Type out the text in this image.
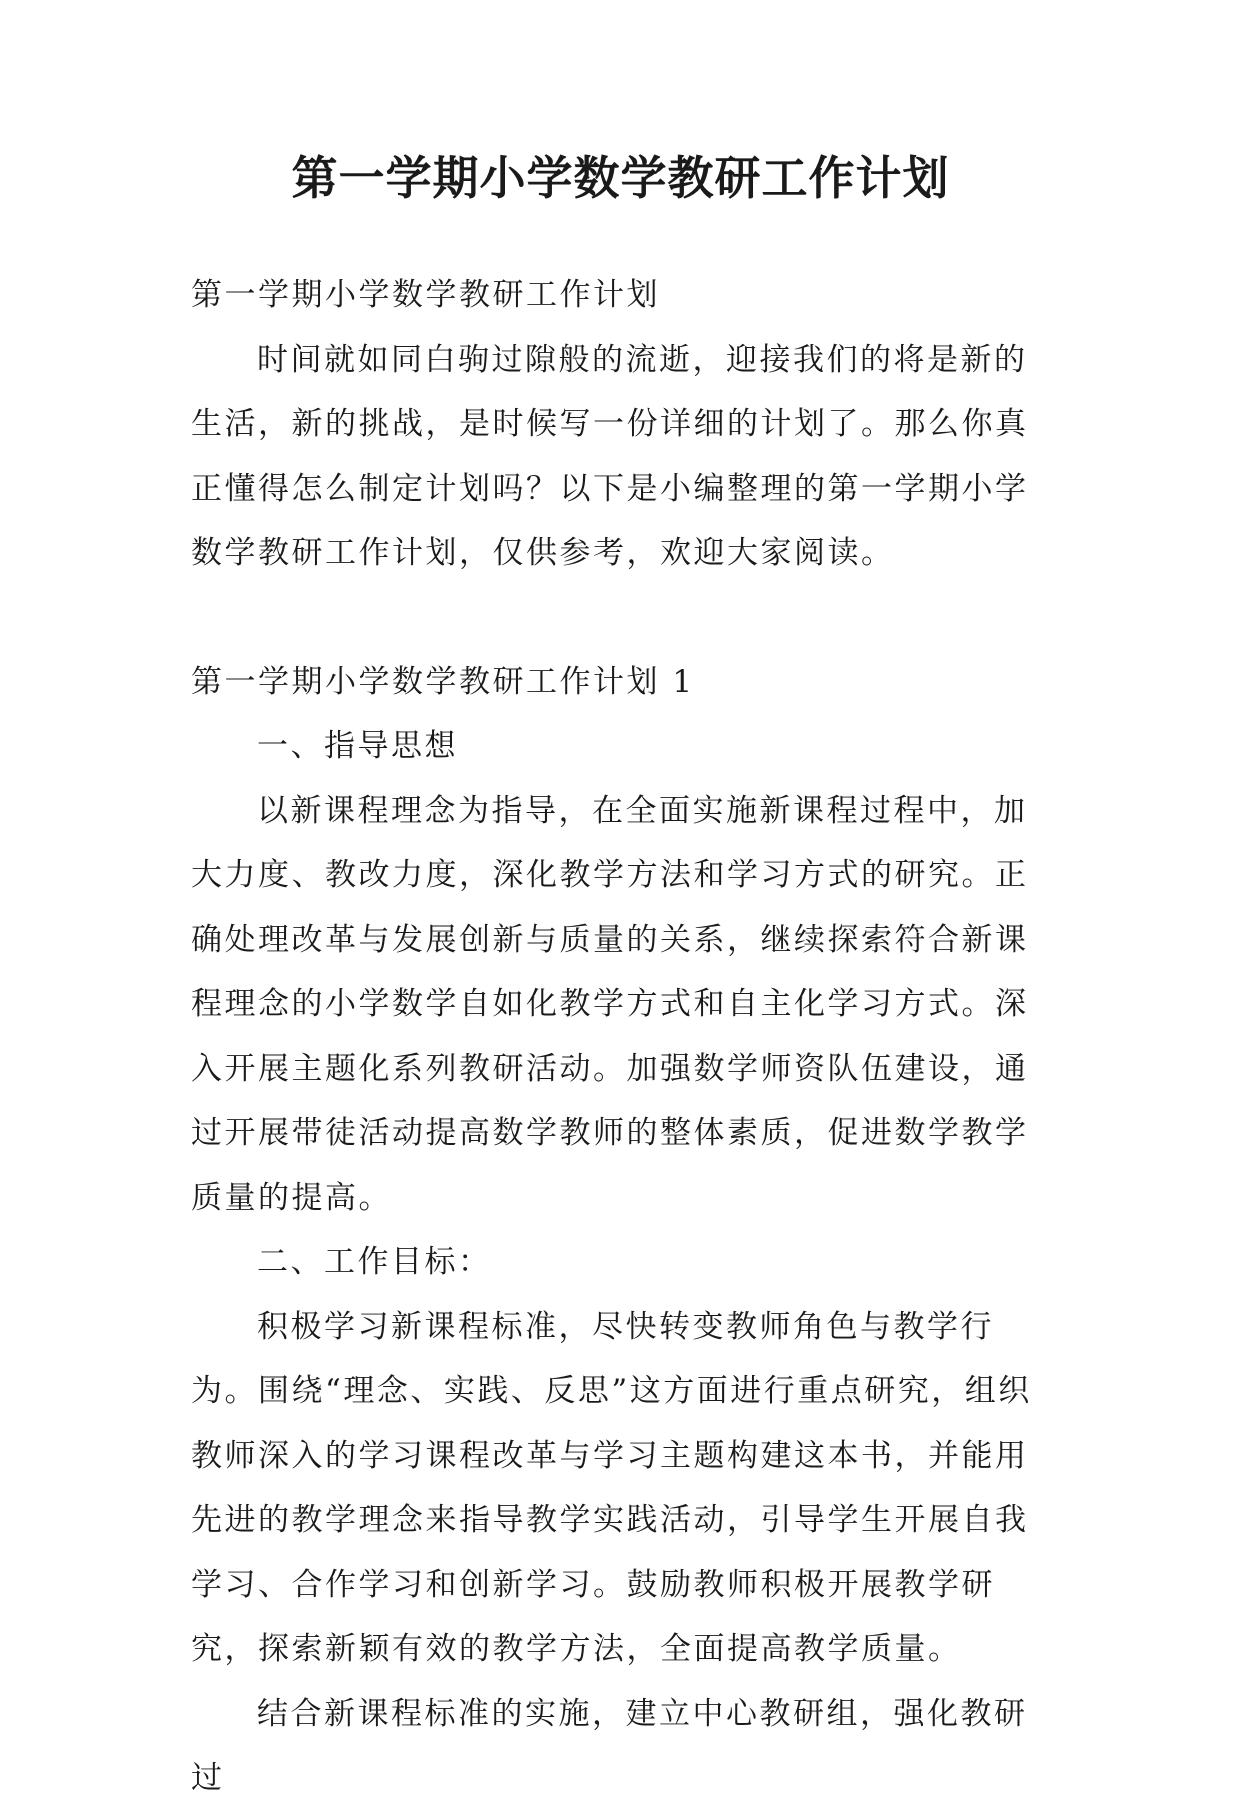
第一学期小学数学教研工作计划

第一学期小学数学教研工作计划

时间就如同白驹过隙般的流逝，迎接我们的将是新的生活，新的挑战，是时候写一份详细的计划了。那么你真正懂得怎么制定计划吗？以下是小编整理的第一学期小学数学教研工作计划，仅供参考，欢迎大家阅读。

第一学期小学数学教研工作计划 1

一、指导思想

以新课程理念为指导，在全面实施新课程过程中，加大力度、教改力度，深化教学方法和学习方式的研究。正确处理改革与发展创新与质量的关系，继续探索符合新课程理念的小学数学自如化教学方式和自主化学习方式。深入开展主题化系列教研活动。加强数学师资队伍建设，通过开展带徒活动提高数学教师的整体素质，促进数学教学质量的提高。

二、工作目标：

积极学习新课程标准，尽快转变教师角色与教学行为。围绕“理念、实践、反思”这方面进行重点研究，组织教师深入的学习课程改革与学习主题构建这本书，并能用先进的教学理念来指导教学实践活动，引导学生开展自我学习、合作学习和创新学习。鼓励教师积极开展教学研究，探索新颖有效的教学方法，全面提高教学质量。

结合新课程标准的实施，建立中心教研组，强化教研过
